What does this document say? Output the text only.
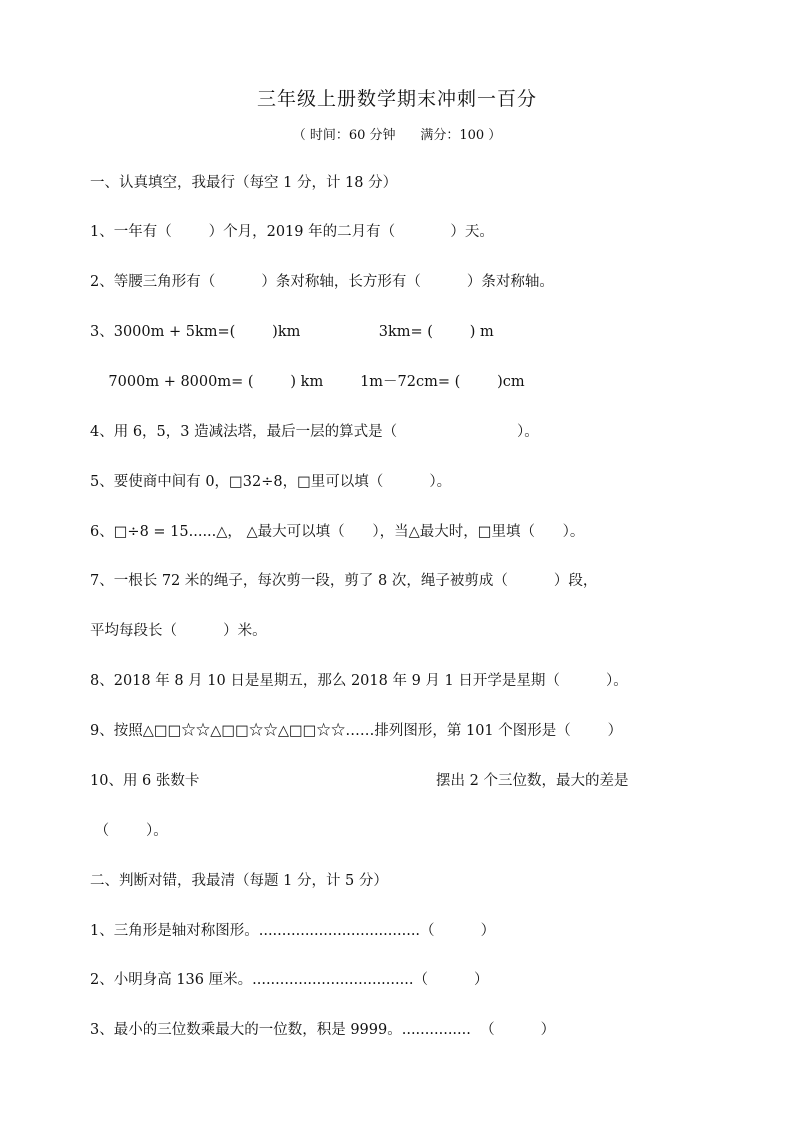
三年级上册数学期末冲刺一百分
（ 时间：60 分钟      满分：100 ）
一、认真填空，我最行（每空 1 分，计 18 分）
1、一年有（        ）个月，2019 年的二月有（            ）天。
2、等腰三角形有（          ）条对称轴，长方形有（          ）条对称轴。
3、3000m + 5km=(        )km                 3km= (        ) m
7000m + 8000m= (        ) km        1m－72cm= (        )cm
4、用 6，5，3 造减法塔，最后一层的算式是（                          ）。
5、要使商中间有 0，□32÷8，□里可以填（          ）。
6、□÷8 = 15......△， △最大可以填（      ），当△最大时，□里填（      ）。
7、一根长 72 米的绳子，每次剪一段，剪了 8 次，绳子被剪成（          ）段，
平均每段长（          ）米。
8、2018 年 8 月 10 日是星期五，那么 2018 年 9 月 1 日开学是星期（          ）。
9、按照△□□☆☆△□□☆☆△□□☆☆……排列图形，第 101 个图形是（        ）
10、用 6 张数卡	摆出 2 个三位数，最大的差是
（        ）。
二、判断对错，我最清（每题 1 分，计 5 分）
1、三角形是轴对称图形。...................................（          ）
2、小明身高 136 厘米。...................................（          ）
3、最小的三位数乘最大的一位数，积是 9999。...............  （          ）
